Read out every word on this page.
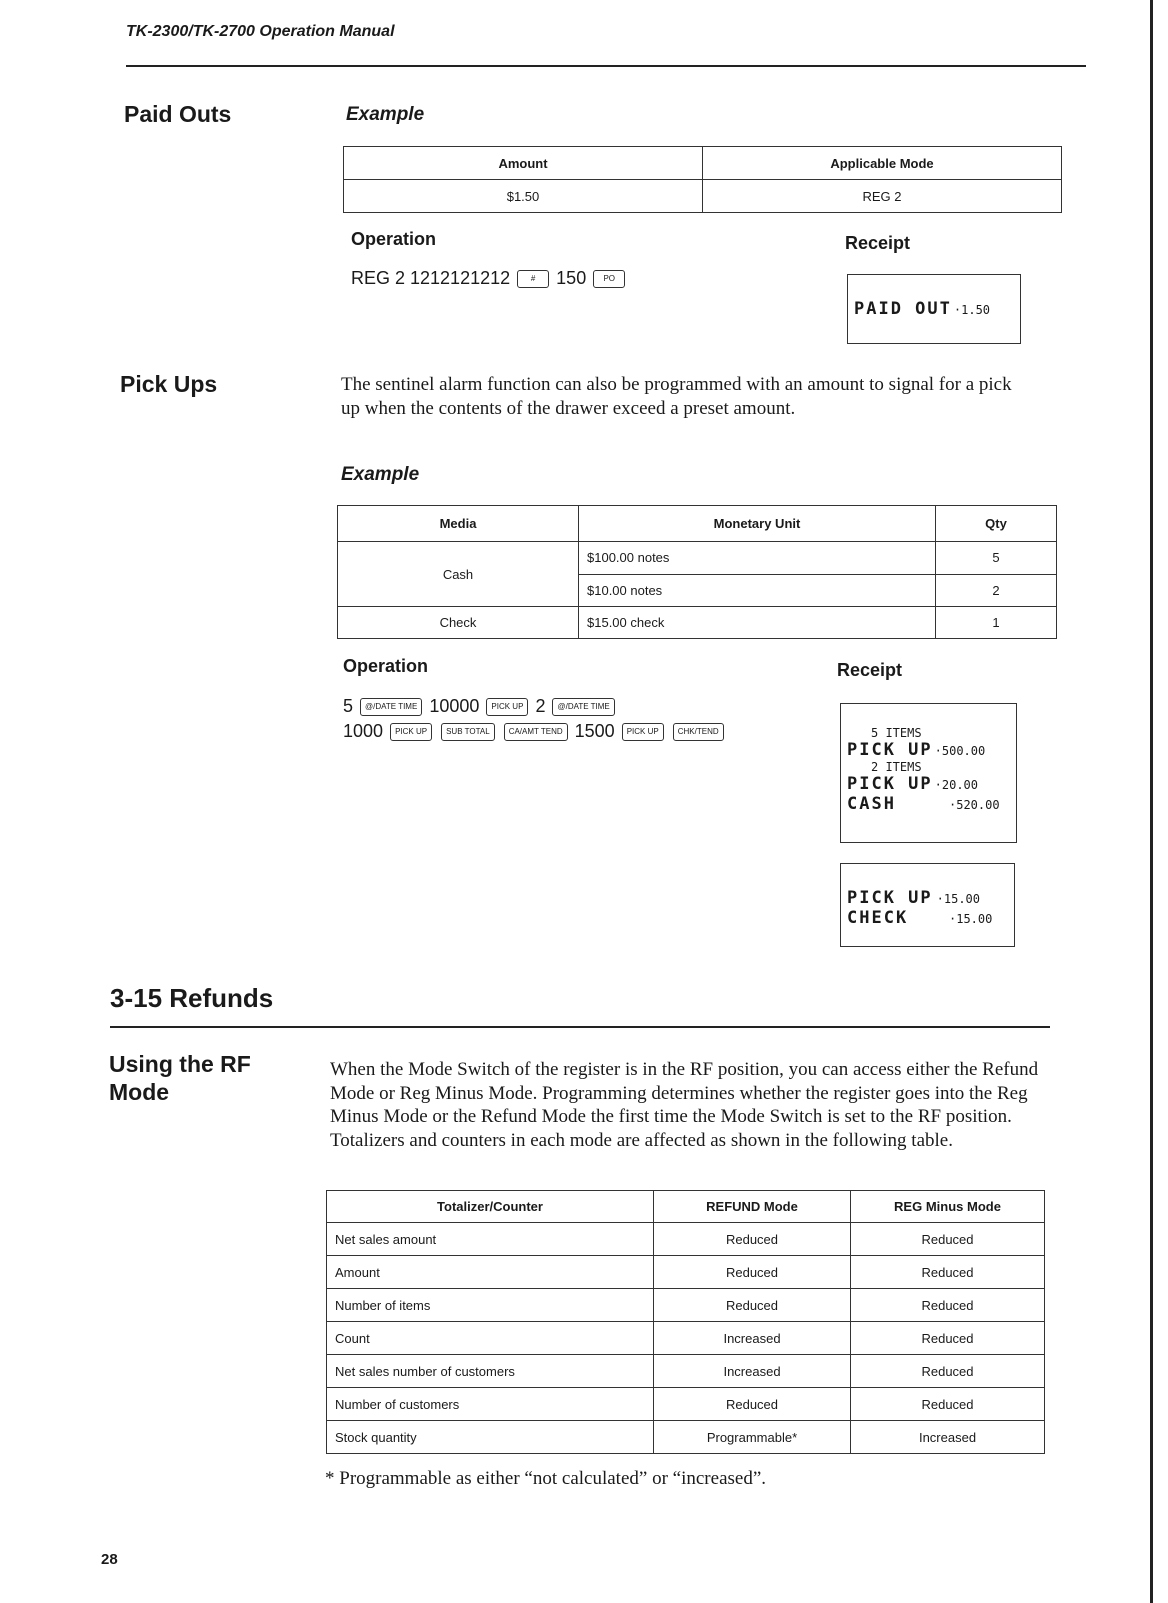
TK-2300/TK-2700 Operation Manual
Paid Outs	Example
Amount	Applicable Mode
$1.50	REG 2
Operation
REG 2 1212121212	# 150 PO
Receipt
PAID OUT ·1.50
Pick Ups	The sentinel alarm function can also be programmed with an amount to signal for a pick up when the contents of the drawer exceed a preset amount.
Example
Media	Monetary Unit	Qty
Cash	$100.00 notes	5
	$10.00 notes	2
Check	$15.00 check	1
Operation
5 @/DATE TIME 10000 PICK UP 2 @/DATE TIME
1000 PICK UP SUB TOTAL CA/AMT TEND 1500 PICK UP CHK/TEND
Receipt
5 ITEMS
PICK UP ·500.00
2 ITEMS
PICK UP ·20.00
CASH	·520.00
PICK UP ·15.00
CHECK	·15.00
3-15 Refunds
Using the RF
Mode
When the Mode Switch of the register is in the RF position, you can access either the Refund Mode or Reg Minus Mode. Programming determines whether the register goes into the Reg Minus Mode or the Refund Mode the first time the Mode Switch is set to the RF position. Totalizers and counters in each mode are affected as shown in the following table.
Totalizer/Counter	REFUND Mode	REG Minus Mode
Net sales amount	Reduced	Reduced
Amount	Reduced	Reduced
Number of items	Reduced	Reduced
Count	Increased	Reduced
Net sales number of customers	Increased	Reduced
Number of customers	Reduced	Reduced
Stock quantity	Programmable*	Increased
* Programmable as either “not calculated” or “increased”.
28
